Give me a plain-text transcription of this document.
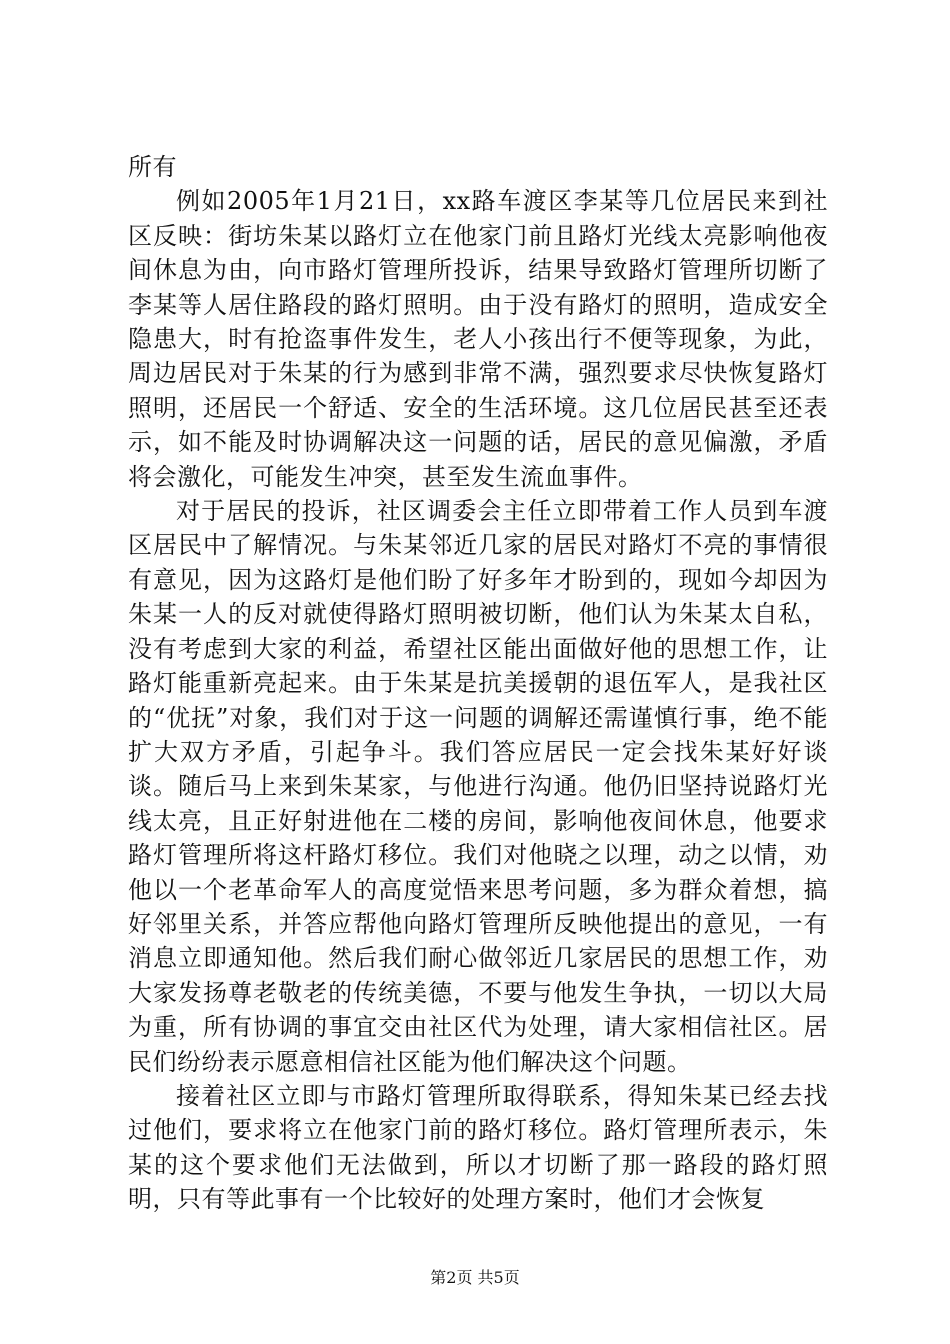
所有

例如2005年1月21日，xx路车渡区李某等几位居民来到社区反映：街坊朱某以路灯立在他家门前且路灯光线太亮影响他夜间休息为由，向市路灯管理所投诉，结果导致路灯管理所切断了李某等人居住路段的路灯照明。由于没有路灯的照明，造成安全隐患大，时有抢盗事件发生，老人小孩出行不便等现象，为此，周边居民对于朱某的行为感到非常不满，强烈要求尽快恢复路灯照明，还居民一个舒适、安全的生活环境。这几位居民甚至还表示，如不能及时协调解决这一问题的话，居民的意见偏激，矛盾将会激化，可能发生冲突，甚至发生流血事件。

对于居民的投诉，社区调委会主任立即带着工作人员到车渡区居民中了解情况。与朱某邻近几家的居民对路灯不亮的事情很有意见，因为这路灯是他们盼了好多年才盼到的，现如今却因为朱某一人的反对就使得路灯照明被切断，他们认为朱某太自私，没有考虑到大家的利益，希望社区能出面做好他的思想工作，让路灯能重新亮起来。由于朱某是抗美援朝的退伍军人，是我社区的“优抚”对象，我们对于这一问题的调解还需谨慎行事，绝不能扩大双方矛盾，引起争斗。我们答应居民一定会找朱某好好谈谈。随后马上来到朱某家，与他进行沟通。他仍旧坚持说路灯光线太亮，且正好射进他在二楼的房间，影响他夜间休息，他要求路灯管理所将这杆路灯移位。我们对他晓之以理，动之以情，劝他以一个老革命军人的高度觉悟来思考问题，多为群众着想，搞好邻里关系，并答应帮他向路灯管理所反映他提出的意见，一有消息立即通知他。然后我们耐心做邻近几家居民的思想工作，劝大家发扬尊老敬老的传统美德，不要与他发生争执，一切以大局为重，所有协调的事宜交由社区代为处理，请大家相信社区。居民们纷纷表示愿意相信社区能为他们解决这个问题。

接着社区立即与市路灯管理所取得联系，得知朱某已经去找过他们，要求将立在他家门前的路灯移位。路灯管理所表示，朱某的这个要求他们无法做到，所以才切断了那一路段的路灯照明，只有等此事有一个比较好的处理方案时，他们才会恢复

第2页 共5页
